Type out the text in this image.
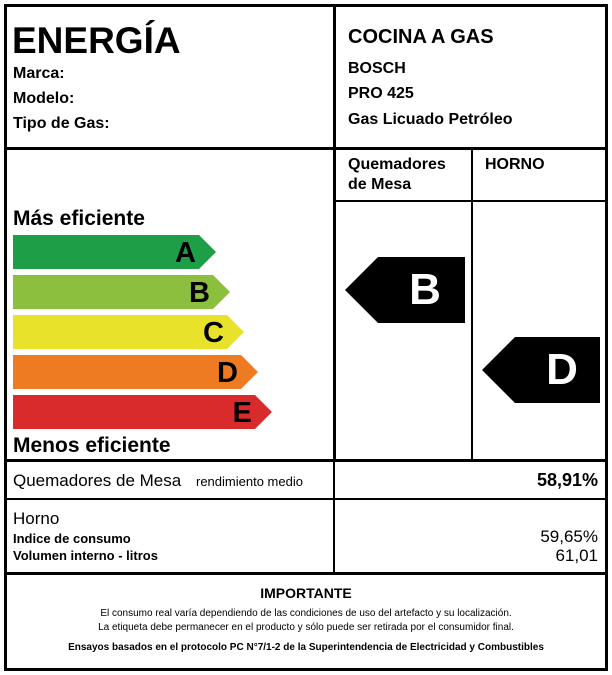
ENERGÍA
Marca:
Modelo:
Tipo de Gas:
COCINA A GAS
BOSCH
PRO 425
Gas Licuado Petróleo
Más eficiente
A
B
C
D
E
Menos eficiente
Quemadores
de Mesa
HORNO
B
D
Quemadores de Mesa rendimiento medio	58,91%
Horno
Indice de consumo
Volumen interno - litros
59,65%
61,01
IMPORTANTE
El consumo real varía dependiendo de las condiciones de uso del artefacto y su localización.
La etiqueta debe permanecer en el producto y sólo puede ser retirada por el consumidor final.
Ensayos basados en el protocolo PC N°7/1-2 de la Superintendencia de Electricidad y Combustibles
